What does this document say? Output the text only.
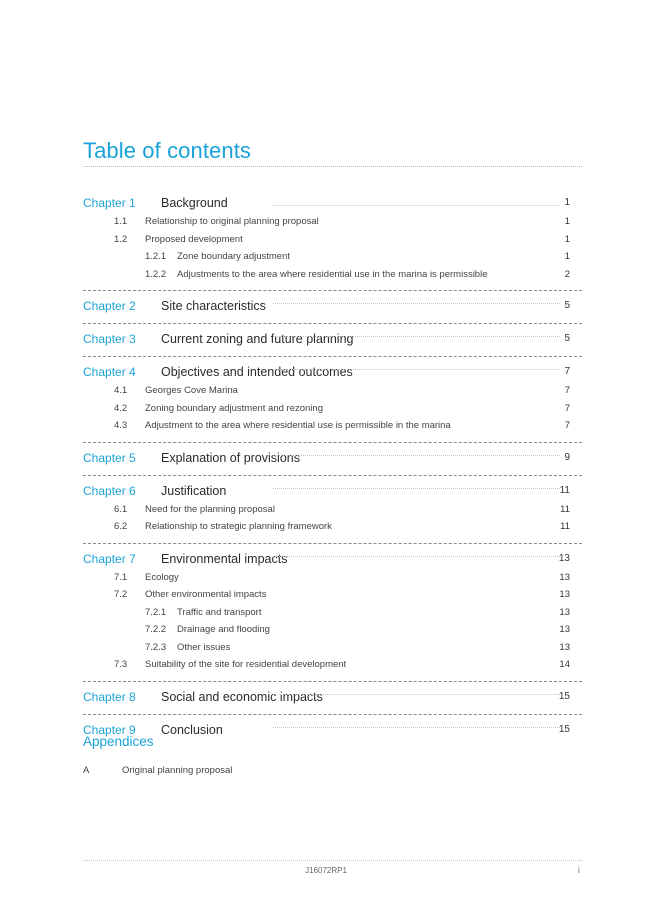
Table of contents
Chapter 1 Background	1
1.1 Relationship to original planning proposal	1
1.2 Proposed development	1
1.2.1 Zone boundary adjustment	1
1.2.2 Adjustments to the area where residential use in the marina is permissible	2
Chapter 2 Site characteristics	5
Chapter 3 Current zoning and future planning	5
Chapter 4 Objectives and intended outcomes	7
4.1 Georges Cove Marina	7
4.2 Zoning boundary adjustment and rezoning	7
4.3 Adjustment to the area where residential use is permissible in the marina	7
Chapter 5 Explanation of provisions	9
Chapter 6 Justification	11
6.1 Need for the planning proposal	11
6.2 Relationship to strategic planning framework	11
Chapter 7 Environmental impacts	13
7.1 Ecology	13
7.2 Other environmental impacts	13
7.2.1 Traffic and transport	13
7.2.2 Drainage and flooding	13
7.2.3 Other issues	13
7.3 Suitability of the site for residential development	14
Chapter 8 Social and economic impacts	15
Chapter 9 Conclusion	15
Appendices
A	Original planning proposal
J16072RP1	i
